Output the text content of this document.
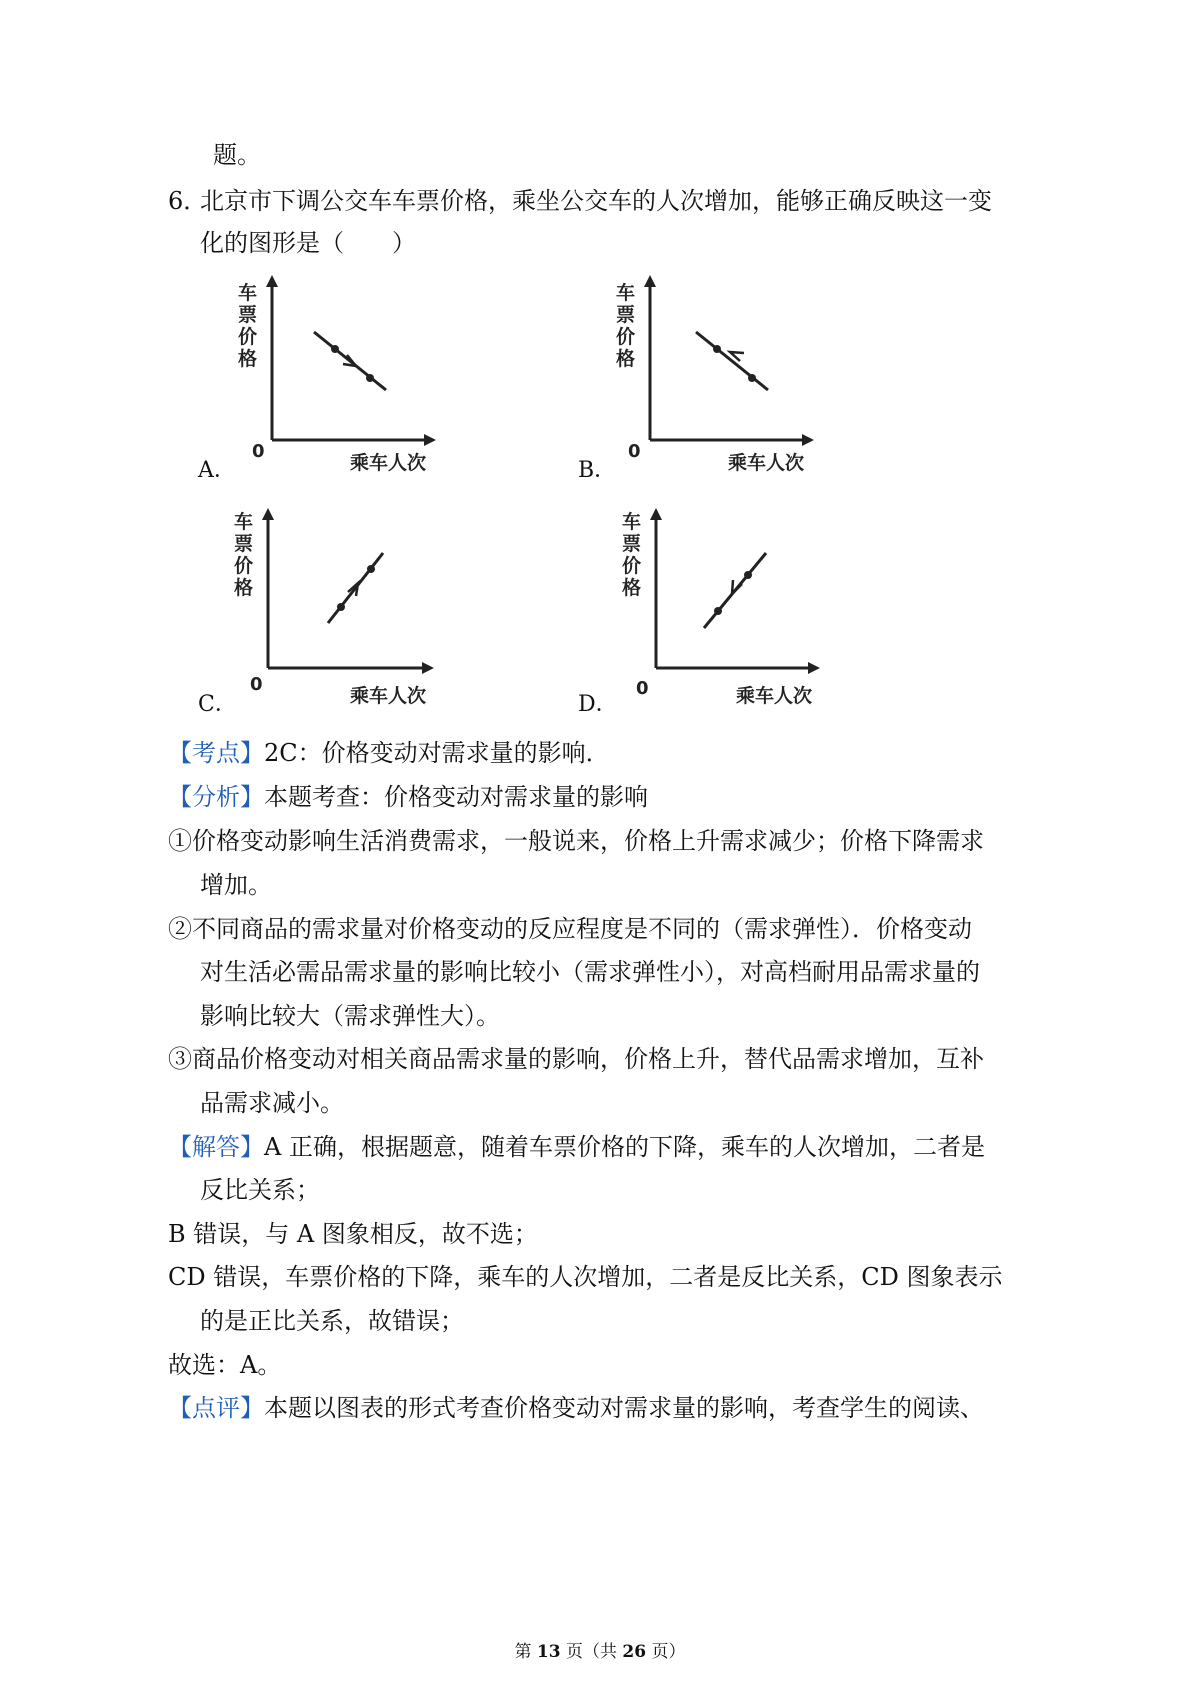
题。
6．
北京市下调公交车车票价格，乘坐公交车的人次增加，能够正确反映这一变
化的图形是（　　）
车
票
价
格
0
乘车人次
A．
车
票
价
格
0
乘车人次
B．
车
票
价
格
0
乘车人次
C．
车
票
价
格
0	乘车人次
D．
【考点】2C：价格变动对需求量的影响．
【分析】本题考查：价格变动对需求量的影响
①价格变动影响生活消费需求，一般说来，价格上升需求减少；价格下降需求
增加。
②不同商品的需求量对价格变动的反应程度是不同的（需求弹性）．价格变动
对生活必需品需求量的影响比较小（需求弹性小），对高档耐用品需求量的
影响比较大（需求弹性大）。
③商品价格变动对相关商品需求量的影响，价格上升，替代品需求增加，互补
品需求减小。
【解答】A 正确，根据题意，随着车票价格的下降，乘车的人次增加，二者是
反比关系；
B 错误，与 A 图象相反，故不选；
CD 错误，车票价格的下降，乘车的人次增加，二者是反比关系，CD 图象表示
的是正比关系，故错误；
故选：A。
【点评】本题以图表的形式考查价格变动对需求量的影响，考查学生的阅读、
第 13 页（共 26 页）
